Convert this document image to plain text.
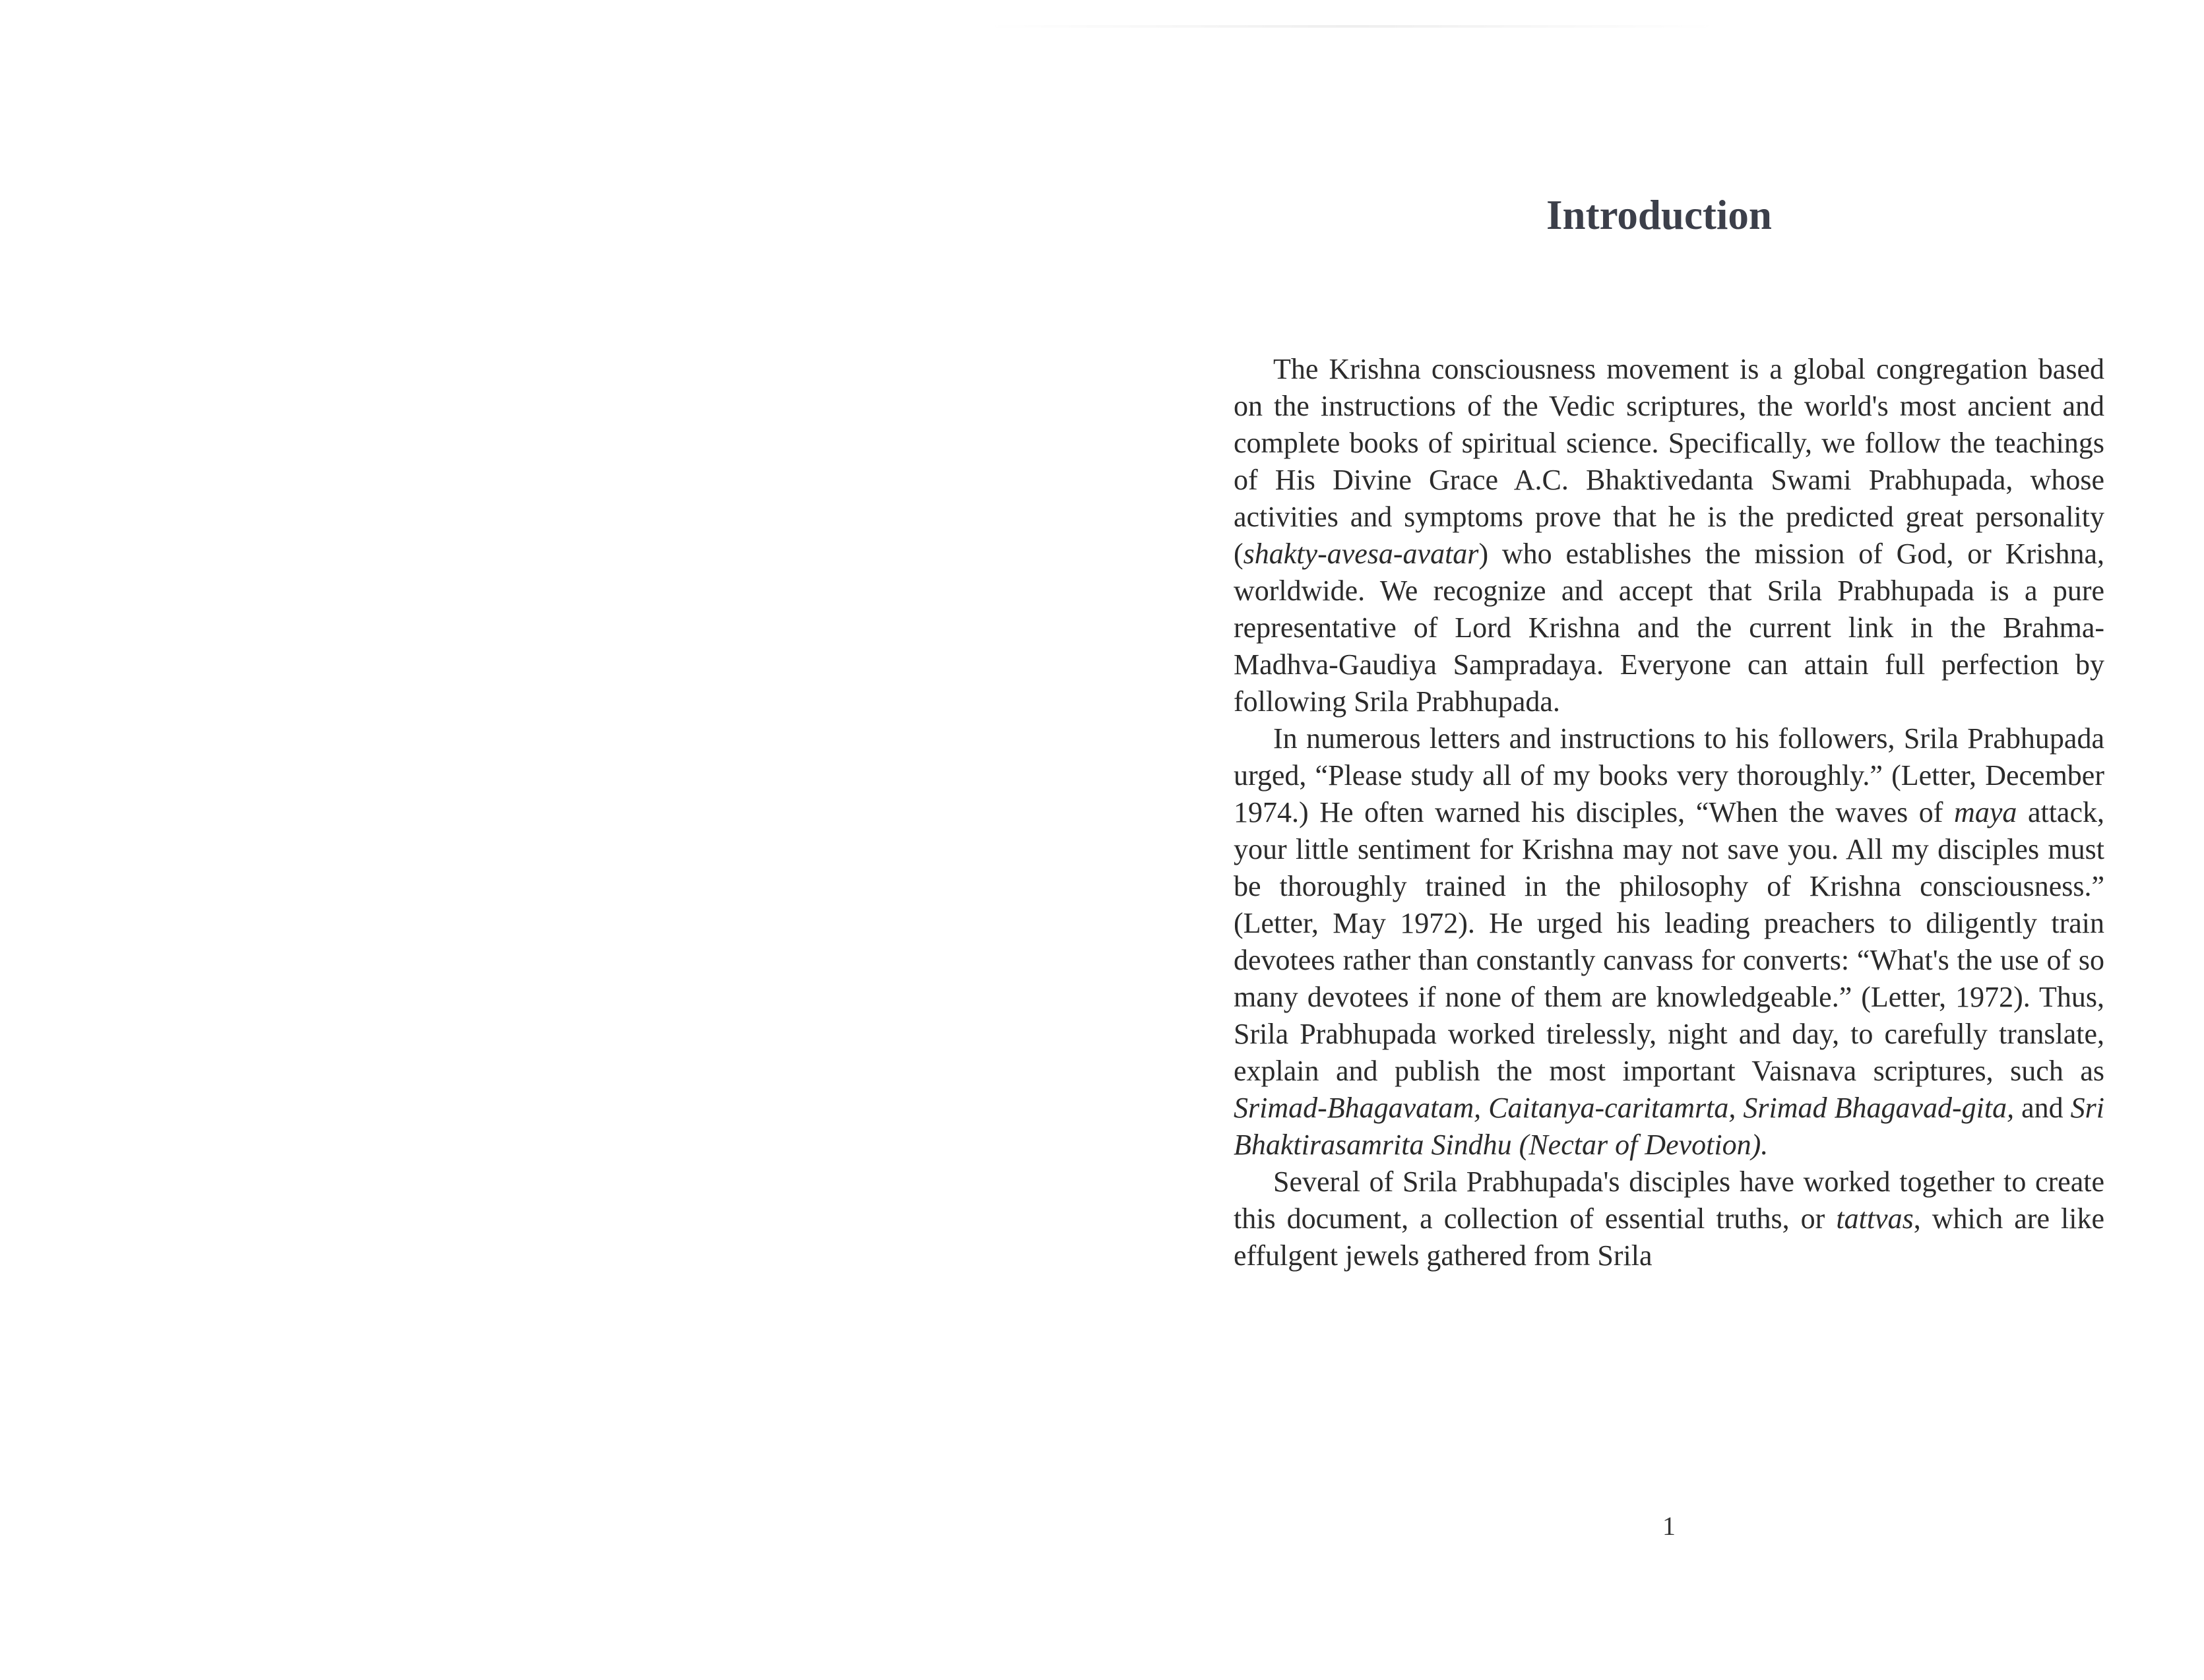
Introduction

The Krishna consciousness movement is a global congregation based on the instructions of the Vedic scriptures, the world's most ancient and complete books of spiritual science. Specifically, we follow the teachings of His Divine Grace A.C. Bhaktivedanta Swami Prabhupada, whose activities and symptoms prove that he is the predicted great personality (shakty-avesa-avatar) who establishes the mission of God, or Krishna, worldwide. We recognize and accept that Srila Prabhupada is a pure representative of Lord Krishna and the current link in the Brahma-Madhva-Gaudiya Sampradaya. Everyone can attain full perfection by following Srila Prabhupada.

In numerous letters and instructions to his followers, Srila Prabhupada urged, “Please study all of my books very thoroughly.” (Letter, December 1974.) He often warned his disciples, “When the waves of maya attack, your little sentiment for Krishna may not save you. All my disciples must be thoroughly trained in the philosophy of Krishna consciousness.” (Letter, May 1972). He urged his leading preachers to diligently train devotees rather than constantly canvass for converts: “What's the use of so many devotees if none of them are knowledgeable.” (Letter, 1972). Thus, Srila Prabhupada worked tirelessly, night and day, to carefully translate, explain and publish the most important Vaisnava scriptures, such as Srimad-Bhagavatam, Caitanya-caritamrta, Srimad Bhagavad-gita, and Sri Bhaktirasamrita Sindhu (Nectar of Devotion).

Several of Srila Prabhupada's disciples have worked together to create this document, a collection of essential truths, or tattvas, which are like effulgent jewels gathered from Srila

1
